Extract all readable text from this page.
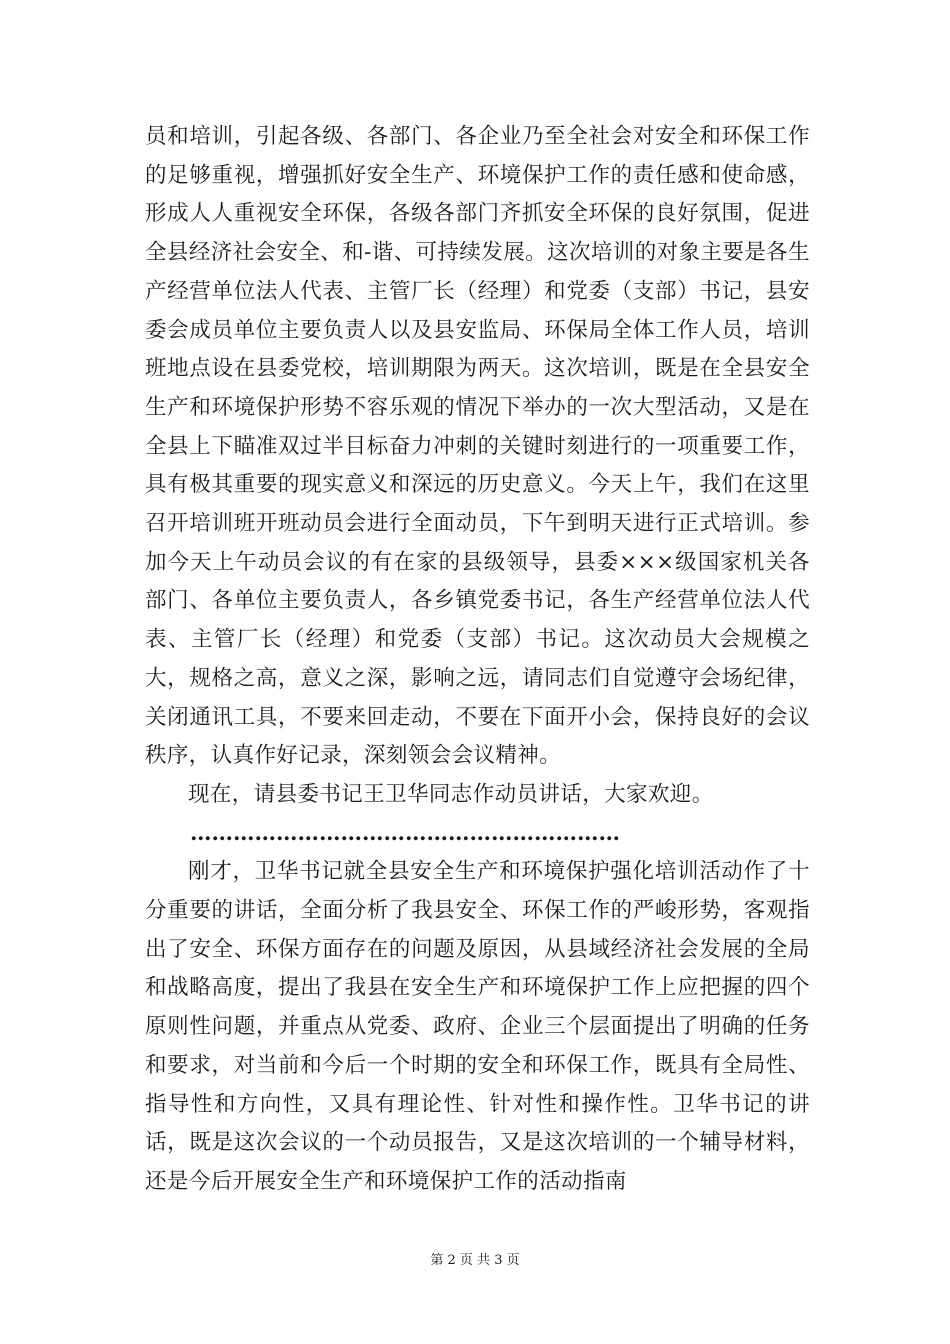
员和培训，引起各级、各部门、各企业乃至全社会对安全和环保工作的足够重视，增强抓好安全生产、环境保护工作的责任感和使命感，形成人人重视安全环保，各级各部门齐抓安全环保的良好氛围，促进全县经济社会安全、和-谐、可持续发展。这次培训的对象主要是各生产经营单位法人代表、主管厂长（经理）和党委（支部）书记，县安委会成员单位主要负责人以及县安监局、环保局全体工作人员，培训班地点设在县委党校，培训期限为两天。这次培训，既是在全县安全生产和环境保护形势不容乐观的情况下举办的一次大型活动，又是在全县上下瞄准双过半目标奋力冲刺的关键时刻进行的一项重要工作，具有极其重要的现实意义和深远的历史意义。今天上午，我们在这里召开培训班开班动员会进行全面动员，下午到明天进行正式培训。参加今天上午动员会议的有在家的县级领导，县委×××级国家机关各部门、各单位主要负责人，各乡镇党委书记，各生产经营单位法人代表、主管厂长（经理）和党委（支部）书记。这次动员大会规模之大，规格之高，意义之深，影响之远，请同志们自觉遵守会场纪律，关闭通讯工具，不要来回走动，不要在下面开小会，保持良好的会议秩序，认真作好记录，深刻领会会议精神。

现在，请县委书记王卫华同志作动员讲话，大家欢迎。

……………………………………………………

刚才，卫华书记就全县安全生产和环境保护强化培训活动作了十分重要的讲话，全面分析了我县安全、环保工作的严峻形势，客观指出了安全、环保方面存在的问题及原因，从县域经济社会发展的全局和战略高度，提出了我县在安全生产和环境保护工作上应把握的四个原则性问题，并重点从党委、政府、企业三个层面提出了明确的任务和要求，对当前和今后一个时期的安全和环保工作，既具有全局性、指导性和方向性，又具有理论性、针对性和操作性。卫华书记的讲话，既是这次会议的一个动员报告，又是这次培训的一个辅导材料，还是今后开展安全生产和环境保护工作的活动指南

第 2 页 共 3 页
